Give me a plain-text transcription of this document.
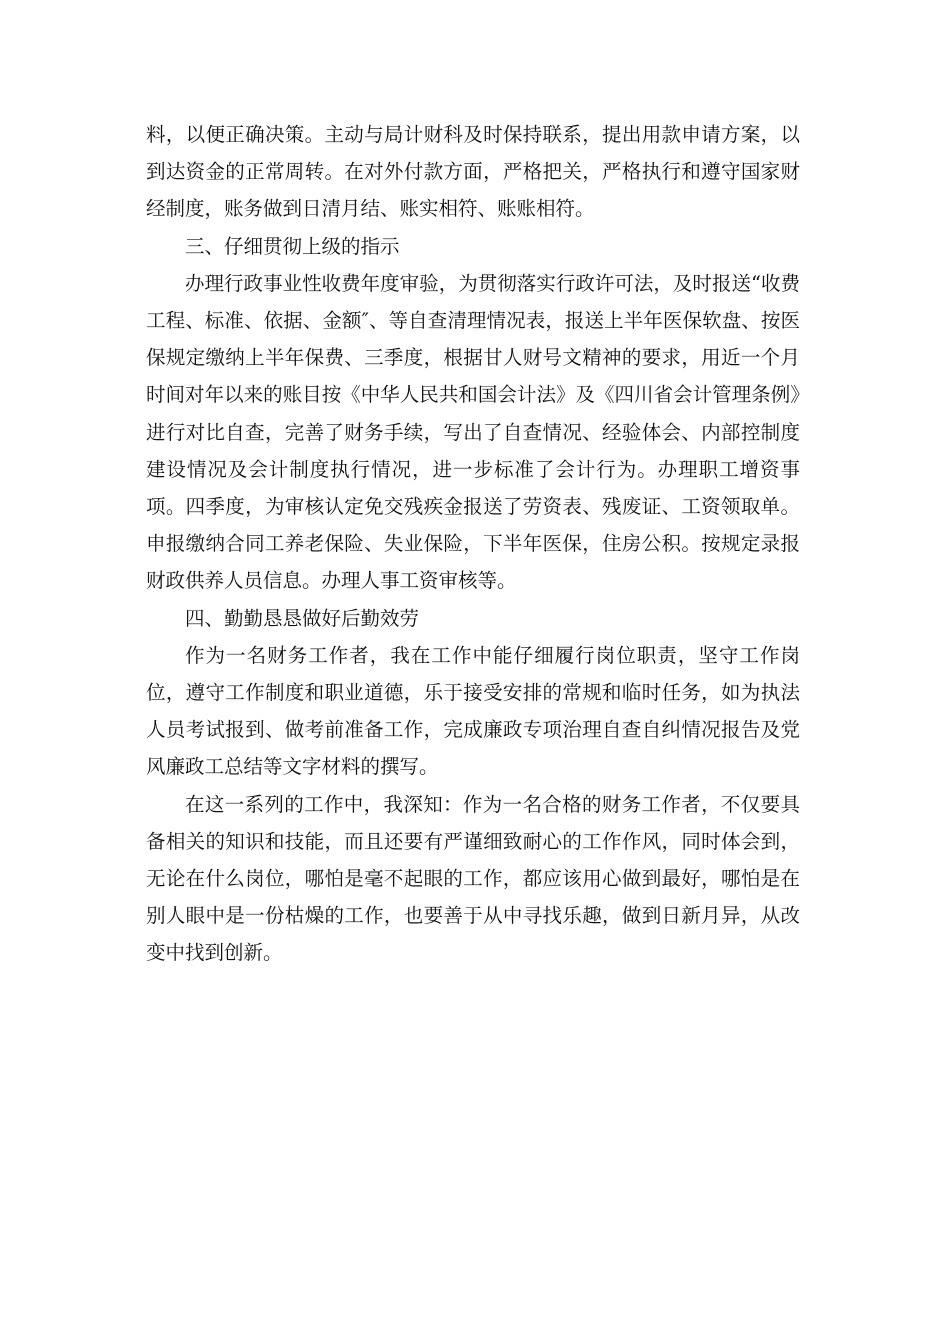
料，以便正确决策。主动与局计财科及时保持联系，提出用款申请方案，以到达资金的正常周转。在对外付款方面，严格把关，严格执行和遵守国家财经制度，账务做到日清月结、账实相符、账账相符。

三、仔细贯彻上级的指示

办理行政事业性收费年度审验，为贯彻落实行政许可法，及时报送“收费工程、标准、依据、金额″、等自查清理情况表，报送上半年医保软盘、按医保规定缴纳上半年保费、三季度，根据甘人财号文精神的要求，用近一个月时间对年以来的账目按《中华人民共和国会计法》及《四川省会计管理条例》进行对比自查，完善了财务手续，写出了自查情况、经验体会、内部控制度建设情况及会计制度执行情况，进一步标准了会计行为。办理职工增资事项。四季度，为审核认定免交残疾金报送了劳资表、残废证、工资领取单。申报缴纳合同工养老保险、失业保险，下半年医保，住房公积。按规定录报财政供养人员信息。办理人事工资审核等。

四、勤勤恳恳做好后勤效劳

作为一名财务工作者，我在工作中能仔细履行岗位职责，坚守工作岗位，遵守工作制度和职业道德，乐于接受安排的常规和临时任务，如为执法人员考试报到、做考前准备工作，完成廉政专项治理自查自纠情况报告及党风廉政工总结等文字材料的撰写。

在这一系列的工作中，我深知：作为一名合格的财务工作者，不仅要具备相关的知识和技能，而且还要有严谨细致耐心的工作作风，同时体会到，无论在什么岗位，哪怕是毫不起眼的工作，都应该用心做到最好，哪怕是在别人眼中是一份枯燥的工作，也要善于从中寻找乐趣，做到日新月异，从改变中找到创新。
